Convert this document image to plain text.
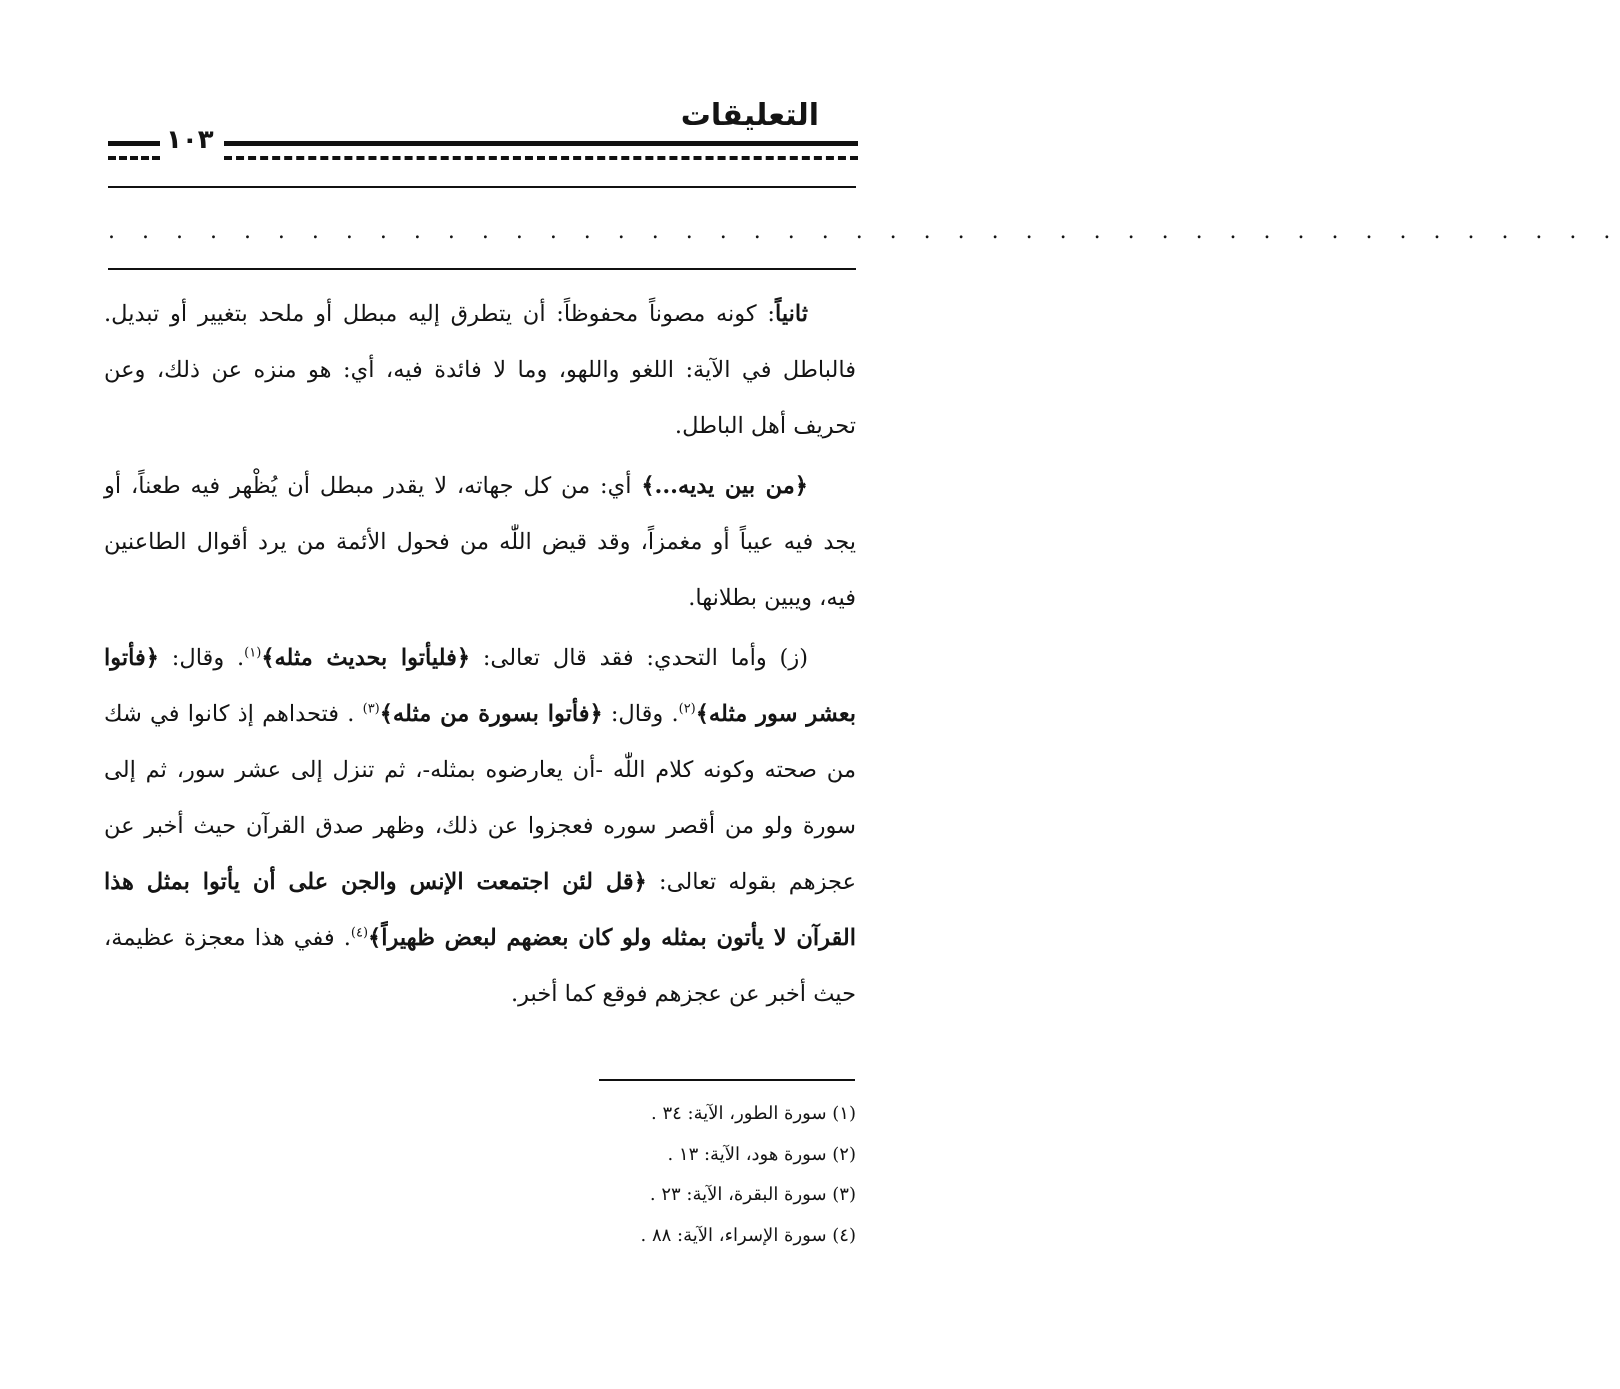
التعليقات
١٠٣
. . . . . . . . . . . . . . . . . . . . . . . . . . . . . . . . . . . . . . . . . . . . .

ثانياً: كونه مصوناً محفوظاً: أن يتطرق إليه مبطل أو ملحد بتغيير أو تبديل. فالباطل في الآية: اللغو واللهو، وما لا فائدة فيه، أي: هو منزه عن ذلك، وعن تحريف أهل الباطل.

﴿من بين يديه...﴾ أي: من كل جهاته، لا يقدر مبطل أن يُظْهر فيه طعناً، أو يجد فيه عيباً أو مغمزاً، وقد قيض اللّٰه من فحول الأئمة من يرد أقوال الطاعنين فيه، ويبين بطلانها.

(ز) وأما التحدي: فقد قال تعالى: ﴿فليأتوا بحديث مثله﴾$^{(١)}$. وقال: ﴿فأتوا بعشر سور مثله﴾$^{(٢)}$. وقال: ﴿فأتوا بسورة من مثله﴾$^{(٣)}$ . فتحداهم إذ كانوا في شك من صحته وكونه كلام اللّٰه -أن يعارضوه بمثله-، ثم تنزل إلى عشر سور، ثم إلى سورة ولو من أقصر سوره فعجزوا عن ذلك، وظهر صدق القرآن حيث أخبر عن عجزهم بقوله تعالى: ﴿قل لئن اجتمعت الإنس والجن على أن يأتوا بمثل هذا القرآن لا يأتون بمثله ولو كان بعضهم لبعض ظهيراً﴾$^{(٤)}$. ففي هذا معجزة عظيمة، حيث أخبر عن عجزهم فوقع كما أخبر.

(١) سورة الطور، الآية: ٣٤ .
(٢) سورة هود، الآية: ١٣ .
(٣) سورة البقرة، الآية: ٢٣ .
(٤) سورة الإسراء، الآية: ٨٨ .
